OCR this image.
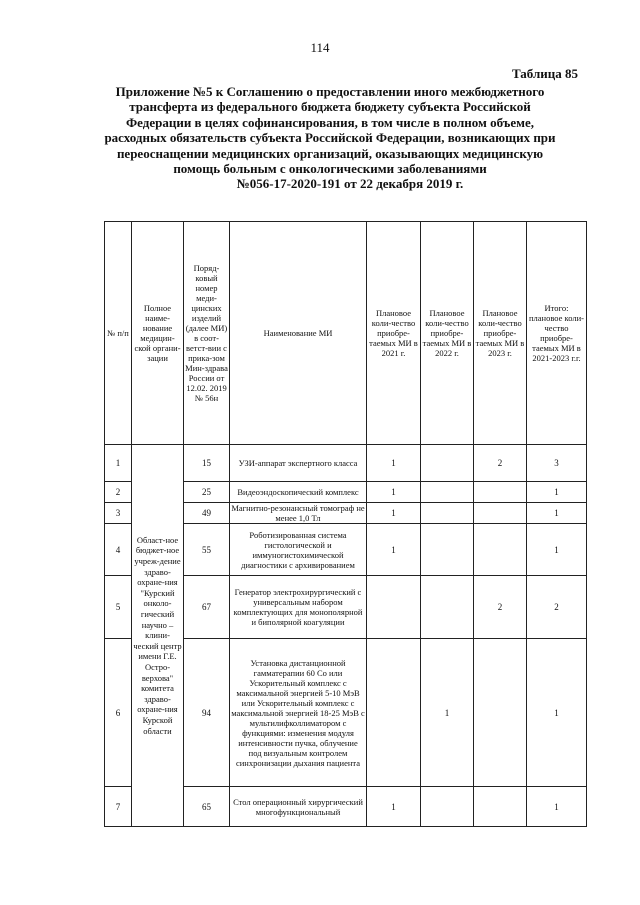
114
Таблица 85
Приложение №5 к Соглашению о предоставлении иного межбюджетного трансферта из федерального бюджета бюджету субъекта Российской Федерации в целях софинансирования, в том числе в полном объеме, расходных обязательств субъекта Российской Федерации, возникающих при переоснащении медицинских организаций, оказывающих медицинскую помощь больным с онкологическими заболеваниями
№056-17-2020-191 от 22 декабря 2019 г.
№ п/п	Полное наиме-нование медицин-ской органи-зации	Поряд-ковый номер меди-цинских изделий (далее МИ) в соот-ветст-вии с прика-зом Мин-здрава России от 12.02. 2019 № 56н	Наименование МИ	Плановое коли-чество приобре-таемых МИ в 2021 г.	Плановое коли-чество приобре-таемых МИ в 2022 г.	Плановое коли-чество приобре-таемых МИ в 2023 г.	Итого: плановое коли-чество приобре-таемых МИ в 2021-2023 г.г.
1	Област-ное бюджет-ное учреж-дение здраво-охране-ния "Курский онколо-гический научно – клини-ческий центр имени Г.Е. Остро-верхова" комитета здраво-охране-ния Курской области	15	УЗИ-аппарат экспертного класса	1		2	3
2		25	Видеоэндоскопический комплекс	1			1
3		49	Магнитно-резонансный томограф не менее 1,0 Тл	1			1
4		55	Роботизированная система гистологической и иммуногистохимической диагностики с архивированием	1			1
5		67	Генератор электрохирургический с универсальным набором комплектующих для монополярной и биполярной коагуляции			2	2
6		94	Установка дистанционной гамматерапии 60 Со или Ускорительный комплекс с максимальной энергией 5-10 МэВ или Ускорительный комплекс с максимальной энергией 18-25 МэВ с мультилифколлиматором с функциями: изменения модуля интенсивности пучка, облучение под визуальным контролем синхронизации дыхания пациента		1		1
7		65	Стол операционный хирургический многофункциональный	1			1
